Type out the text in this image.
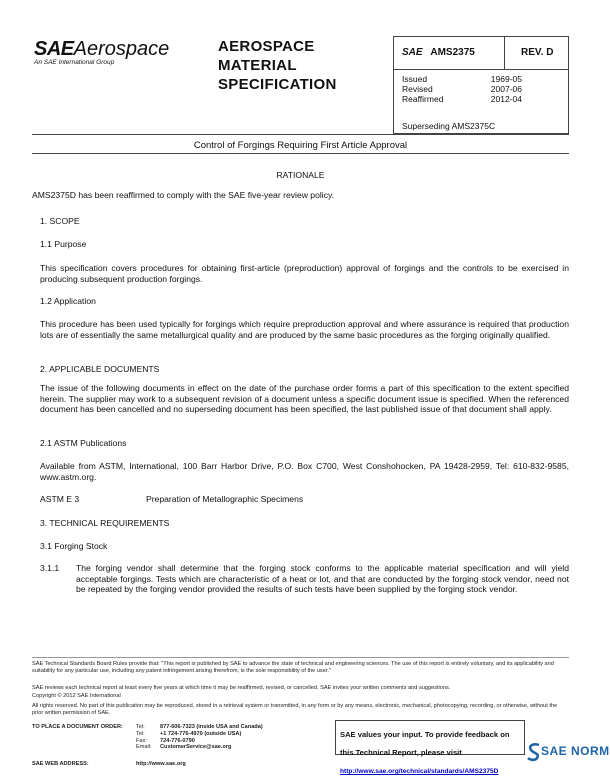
SAEAerospace
An SAE International Group
AEROSPACE
MATERIAL
SPECIFICATION
SAE AMS2375	REV. D
Issued	1969-05
Revised	2007-06
Reaffirmed	2012-04
Superseding AMS2375C
Control of Forgings Requiring First Article Approval
RATIONALE
AMS2375D has been reaffirmed to comply with the SAE five-year review policy.
1. SCOPE
1.1 Purpose
This specification covers procedures for obtaining first-article (preproduction) approval of forgings and the controls to be exercised in producing subsequent production forgings.
1.2 Application
This procedure has been used typically for forgings which require preproduction approval and where assurance is required that production lots are of essentially the same metallurgical quality and are produced by the same basic procedures as the forging originally qualified.
2. APPLICABLE DOCUMENTS
The issue of the following documents in effect on the date of the purchase order forms a part of this specification to the extent specified herein. The supplier may work to a subsequent revision of a document unless a specific document issue is specified. When the referenced document has been cancelled and no superseding document has been specified, the last published issue of that document shall apply.
2.1 ASTM Publications
Available from ASTM, International, 100 Barr Harbor Drive, P.O. Box C700, West Conshohocken, PA 19428-2959, Tel: 610-832-9585, www.astm.org.
ASTM E 3	Preparation of Metallographic Specimens
3. TECHNICAL REQUIREMENTS
3.1 Forging Stock
3.1.1 The forging vendor shall determine that the forging stock conforms to the applicable material specification and will yield acceptable forgings. Tests which are characteristic of a heat or lot, and that are conducted by the forging stock vendor, need not be repeated by the forging vendor provided the results of such tests have been supplied by the forging stock vendor.
SAE Technical Standards Board Rules provide that: "This report is published by SAE to advance the state of technical and engineering sciences. The use of this report is entirely voluntary, and its applicability and suitability for any particular use, including any patent infringement arising therefrom, is the sole responsibility of the user."
SAE reviews each technical report at least every five years at which time it may be reaffirmed, revised, or cancelled. SAE invites your written comments and suggestions.
Copyright © 2012 SAE International
All rights reserved. No part of this publication may be reproduced, stored in a retrieval system or transmitted, in any form or by any means, electronic, mechanical, photocopying, recording, or otherwise, without the prior written permission of SAE.
TO PLACE A DOCUMENT ORDER: Tel:	877-606-7323 (inside USA and Canada)
Tel:	+1 724-776-4970 (outside USA)
Fax:	724-776-0790
Email:	CustomerService@sae.org
SAE WEB ADDRESS:	http://www.sae.org
SAE values your input. To provide feedback on this Technical Report, please visit
http://www.sae.org/technical/standards/AMS2375D
SAE NORM
